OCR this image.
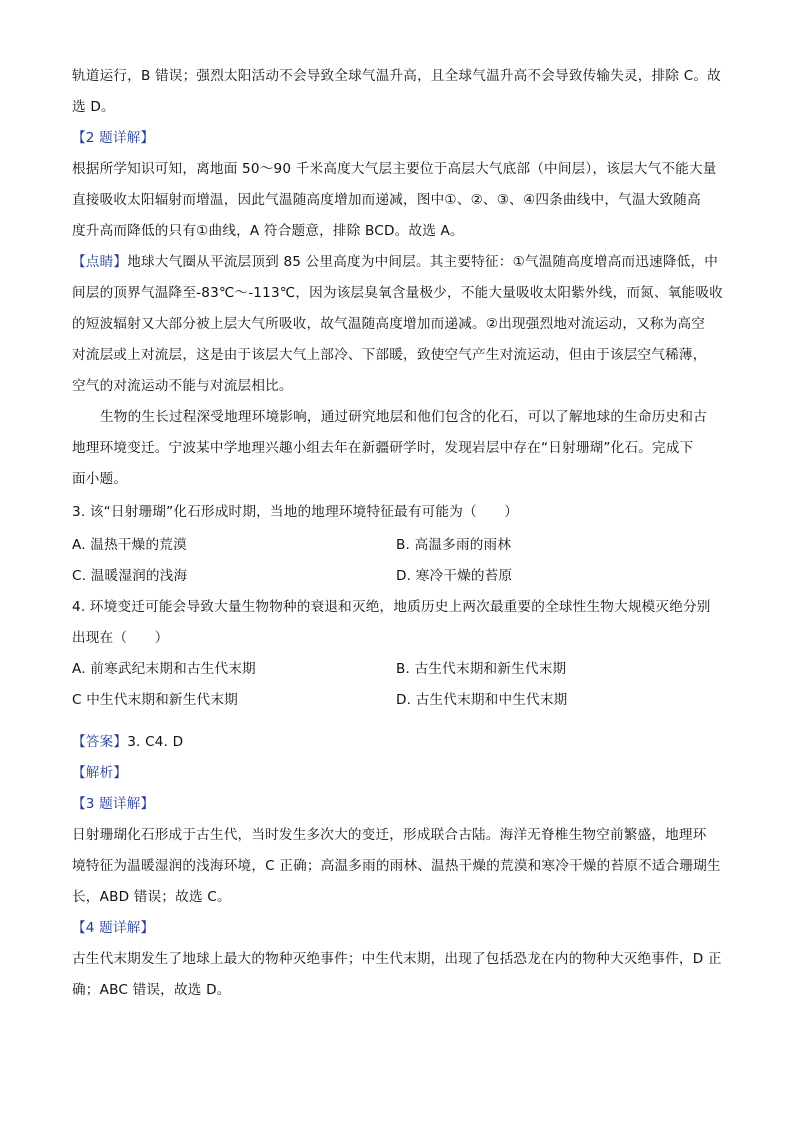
轨道运行，B 错误；强烈太阳活动不会导致全球气温升高，且全球气温升高不会导致传输失灵，排除 C。故
选 D。
【2 题详解】
根据所学知识可知，离地面 50～90 千米高度大气层主要位于高层大气底部（中间层），该层大气不能大量
直接吸收太阳辐射而增温，因此气温随高度增加而递减，图中①、②、③、④四条曲线中，气温大致随高
度升高而降低的只有①曲线，A 符合题意，排除 BCD。故选 A。
【点睛】地球大气圈从平流层顶到 85 公里高度为中间层。其主要特征：①气温随高度增高而迅速降低，中
间层的顶界气温降至-83℃～-113℃，因为该层臭氧含量极少，不能大量吸收太阳紫外线，而氮、氧能吸收
的短波辐射又大部分被上层大气所吸收，故气温随高度增加而递减。②出现强烈地对流运动，又称为高空
对流层或上对流层，这是由于该层大气上部冷、下部暖，致使空气产生对流运动，但由于该层空气稀薄，
空气的对流运动不能与对流层相比。
生物的生长过程深受地理环境影响，通过研究地层和他们包含的化石，可以了解地球的生命历史和古
地理环境变迁。宁波某中学地理兴趣小组去年在新疆研学时，发现岩层中存在“日射珊瑚”化石。完成下
面小题。
3. 该“日射珊瑚”化石形成时期，当地的地理环境特征最有可能为（　　）
A. 温热干燥的荒漠	B. 高温多雨的雨林
C. 温暖湿润的浅海	D. 寒冷干燥的苔原
4. 环境变迁可能会导致大量生物物种的衰退和灭绝，地质历史上两次最重要的全球性生物大规模灭绝分别
出现在（　　）
A. 前寒武纪末期和古生代末期	B. 古生代末期和新生代末期
C 中生代末期和新生代末期	D. 古生代末期和中生代末期
【答案】3. C4. D
【解析】
【3 题详解】
日射珊瑚化石形成于古生代，当时发生多次大的变迁，形成联合古陆。海洋无脊椎生物空前繁盛，地理环
境特征为温暖湿润的浅海环境，C 正确；高温多雨的雨林、温热干燥的荒漠和寒冷干燥的苔原不适合珊瑚生
长，ABD 错误；故选 C。
【4 题详解】
古生代末期发生了地球上最大的物种灭绝事件；中生代末期，出现了包括恐龙在内的物种大灭绝事件，D 正
确；ABC 错误，故选 D。
